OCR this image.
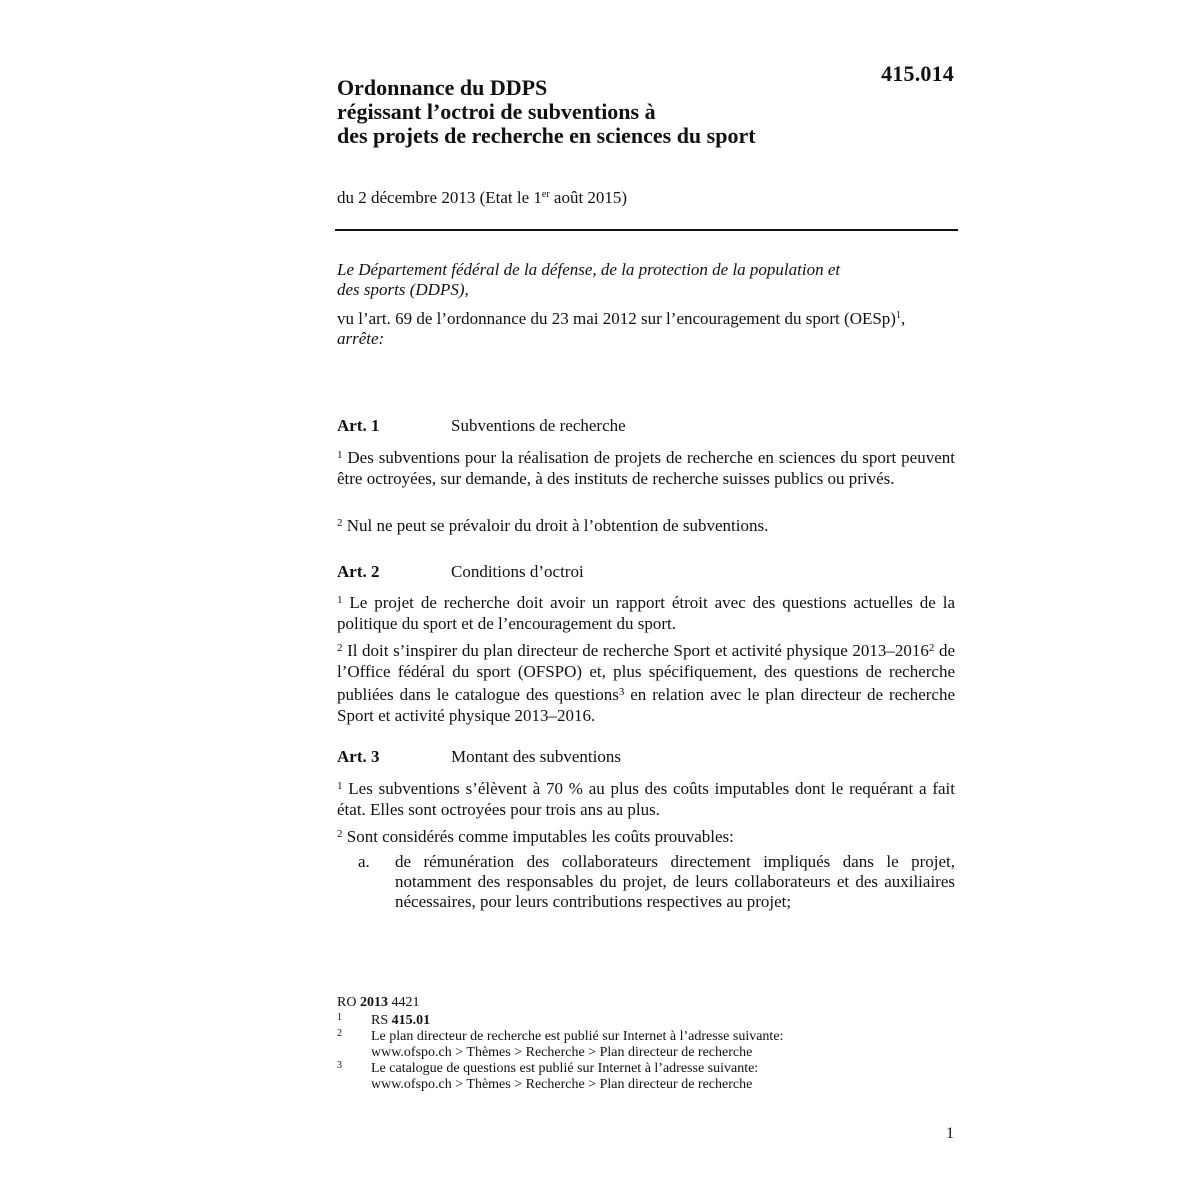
415.014
Ordonnance du DDPS
régissant l’octroi de subventions à
des projets de recherche en sciences du sport
du 2 décembre 2013 (Etat le 1er août 2015)
Le Département fédéral de la défense, de la protection de la population et
des sports (DDPS),
vu l’art. 69 de l’ordonnance du 23 mai 2012 sur l’encouragement du sport (OESp)$^1$,
arrête:
Art. 1	Subventions de recherche
$^1$ Des subventions pour la réalisation de projets de recherche en sciences du sport peuvent être octroyées, sur demande, à des instituts de recherche suisses publics ou privés.
$^2$ Nul ne peut se prévaloir du droit à l’obtention de subventions.
Art. 2	Conditions d’octroi
$^1$ Le projet de recherche doit avoir un rapport étroit avec des questions actuelles de la politique du sport et de l’encouragement du sport.
$^2$ Il doit s’inspirer du plan directeur de recherche Sport et activité physique 2013–2016$^2$ de l’Office fédéral du sport (OFSPO) et, plus spécifiquement, des questions de recherche publiées dans le catalogue des questions$^3$ en relation avec le plan directeur de recherche Sport et activité physique 2013–2016.
Art. 3	Montant des subventions
$^1$ Les subventions s’élèvent à 70 % au plus des coûts imputables dont le requérant a fait état. Elles sont octroyées pour trois ans au plus.
$^2$ Sont considérés comme imputables les coûts prouvables:
a. de rémunération des collaborateurs directement impliqués dans le projet, notamment des responsables du projet, de leurs collaborateurs et des auxiliaires nécessaires, pour leurs contributions respectives au projet;
RO 2013 4421
1 RS 415.01
2 Le plan directeur de recherche est publié sur Internet à l’adresse suivante:
www.ofspo.ch > Thèmes > Recherche > Plan directeur de recherche
3 Le catalogue de questions est publié sur Internet à l’adresse suivante:
www.ofspo.ch > Thèmes > Recherche > Plan directeur de recherche
1
